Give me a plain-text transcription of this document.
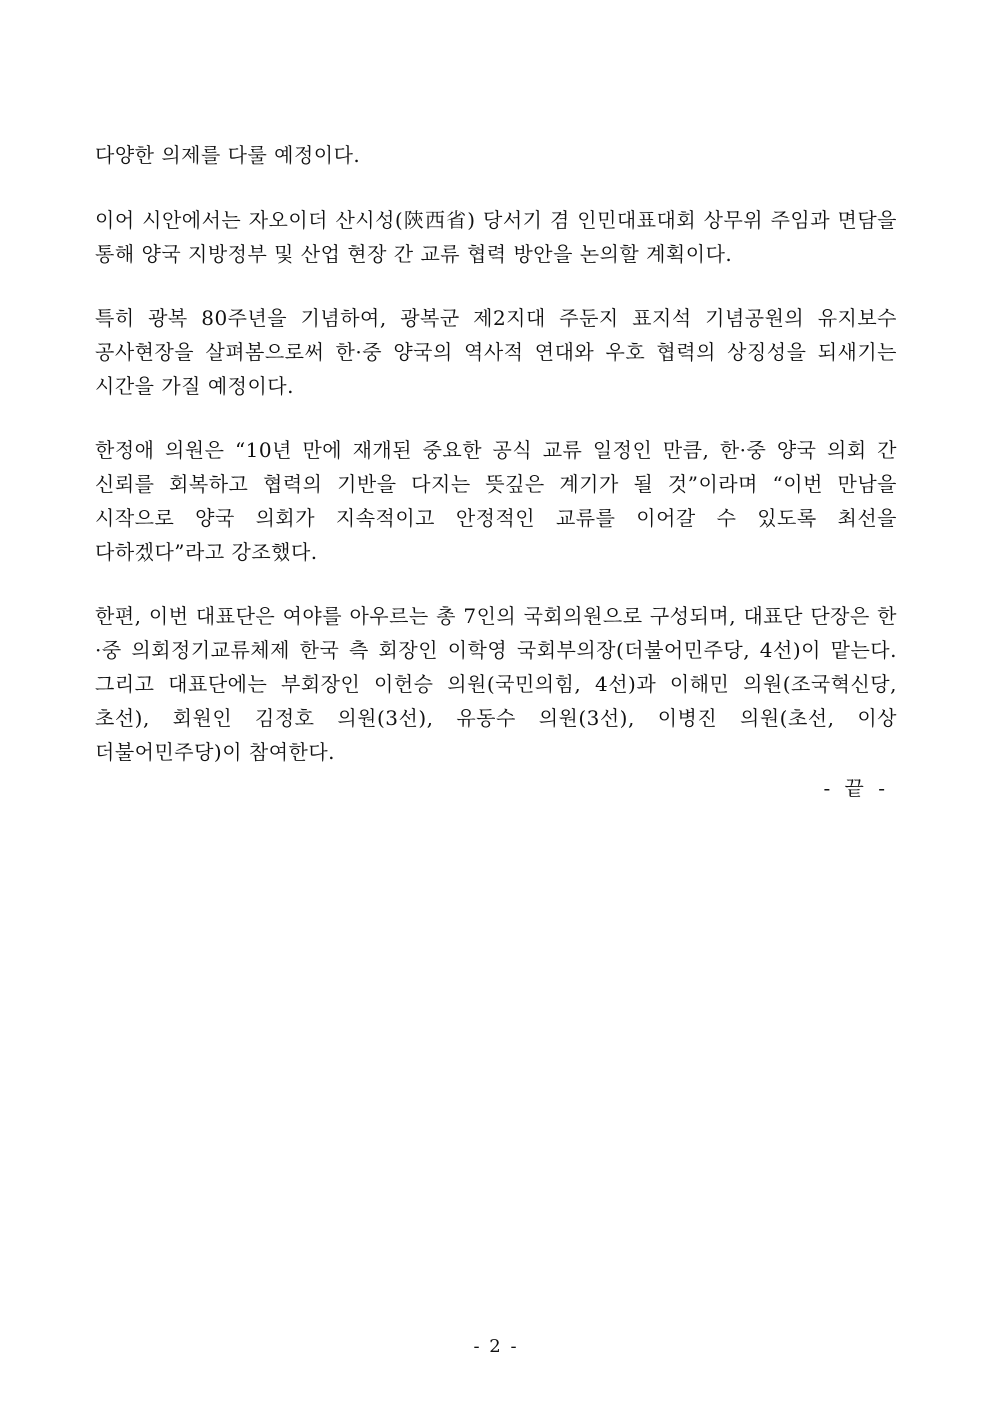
다양한 의제를 다룰 예정이다.

이어 시안에서는 자오이더 산시성(陝西省) 당서기 겸 인민대표대회 상무위 주임과 면담을 통해 양국 지방정부 및 산업 현장 간 교류 협력 방안을 논의할 계획이다.

특히 광복 80주년을 기념하여, 광복군 제2지대 주둔지 표지석 기념공원의 유지보수 공사현장을 살펴봄으로써 한·중 양국의 역사적 연대와 우호 협력의 상징성을 되새기는 시간을 가질 예정이다.

한정애 의원은 “10년 만에 재개된 중요한 공식 교류 일정인 만큼, 한·중 양국 의회 간 신뢰를 회복하고 협력의 기반을 다지는 뜻깊은 계기가 될 것”이라며 “이번 만남을 시작으로 양국 의회가 지속적이고 안정적인 교류를 이어갈 수 있도록 최선을 다하겠다”라고 강조했다.

한편, 이번 대표단은 여야를 아우르는 총 7인의 국회의원으로 구성되며, 대표단 단장은 한·중 의회정기교류체제 한국 측 회장인 이학영 국회부의장(더불어민주당, 4선)이 맡는다. 그리고 대표단에는 부회장인 이헌승 의원(국민의힘, 4선)과 이해민 의원(조국혁신당, 초선), 회원인 김정호 의원(3선), 유동수 의원(3선), 이병진 의원(초선, 이상 더불어민주당)이 참여한다.

- 끝 -
- 2 -
